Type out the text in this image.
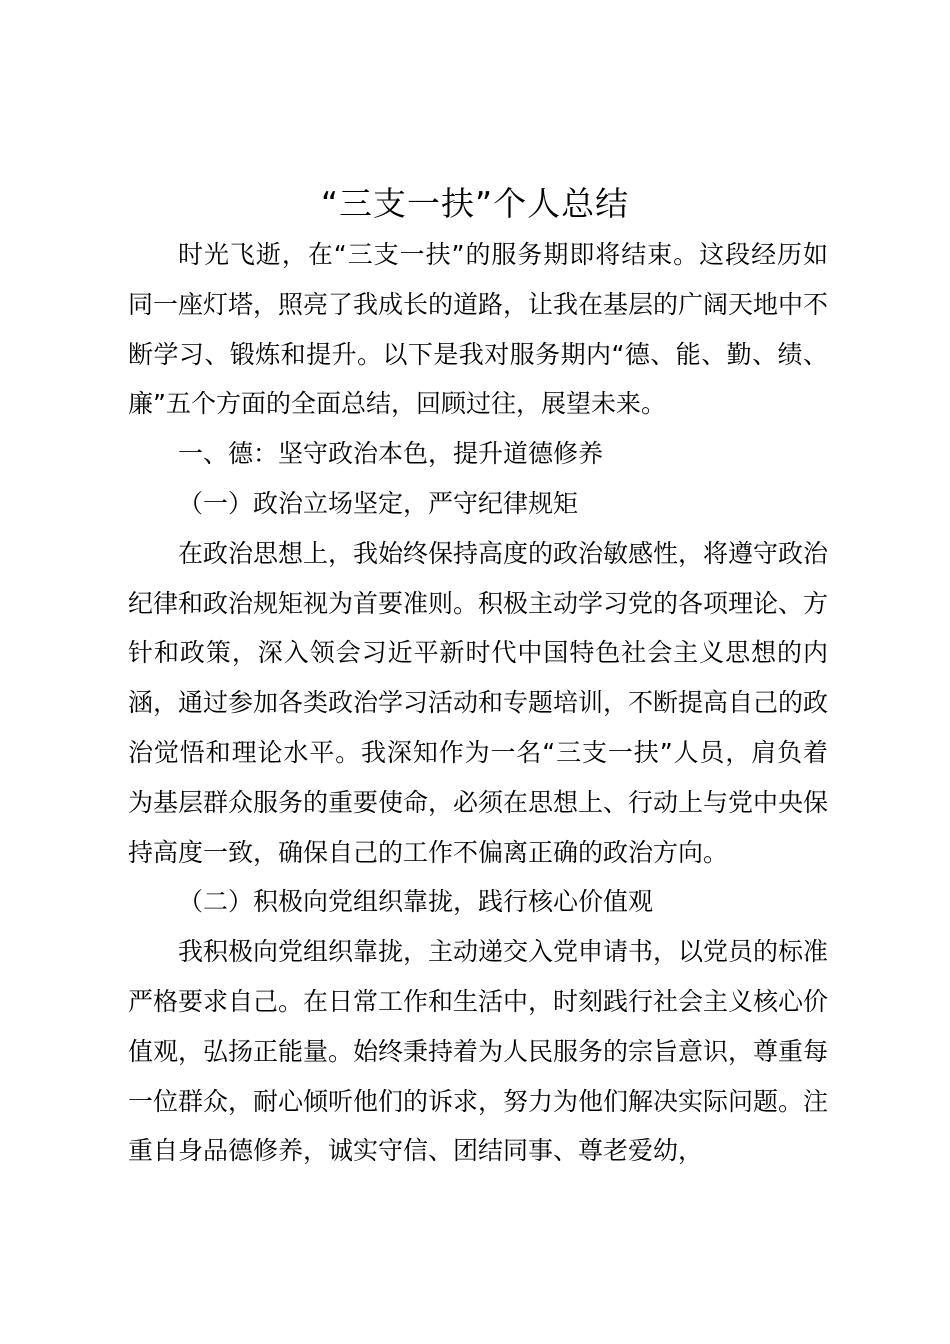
“三支一扶”个人总结

时光飞逝，在“三支一扶”的服务期即将结束。这段经历如同一座灯塔，照亮了我成长的道路，让我在基层的广阔天地中不断学习、锻炼和提升。以下是我对服务期内“德、能、勤、绩、廉”五个方面的全面总结，回顾过往，展望未来。

一、德：坚守政治本色，提升道德修养

（一）政治立场坚定，严守纪律规矩

在政治思想上，我始终保持高度的政治敏感性，将遵守政治纪律和政治规矩视为首要准则。积极主动学习党的各项理论、方针和政策，深入领会习近平新时代中国特色社会主义思想的内涵，通过参加各类政治学习活动和专题培训，不断提高自己的政治觉悟和理论水平。我深知作为一名“三支一扶”人员，肩负着为基层群众服务的重要使命，必须在思想上、行动上与党中央保持高度一致，确保自己的工作不偏离正确的政治方向。

（二）积极向党组织靠拢，践行核心价值观

我积极向党组织靠拢，主动递交入党申请书，以党员的标准严格要求自己。在日常工作和生活中，时刻践行社会主义核心价值观，弘扬正能量。始终秉持着为人民服务的宗旨意识，尊重每一位群众，耐心倾听他们的诉求，努力为他们解决实际问题。注重自身品德修养，诚实守信、团结同事、尊老爱幼，
